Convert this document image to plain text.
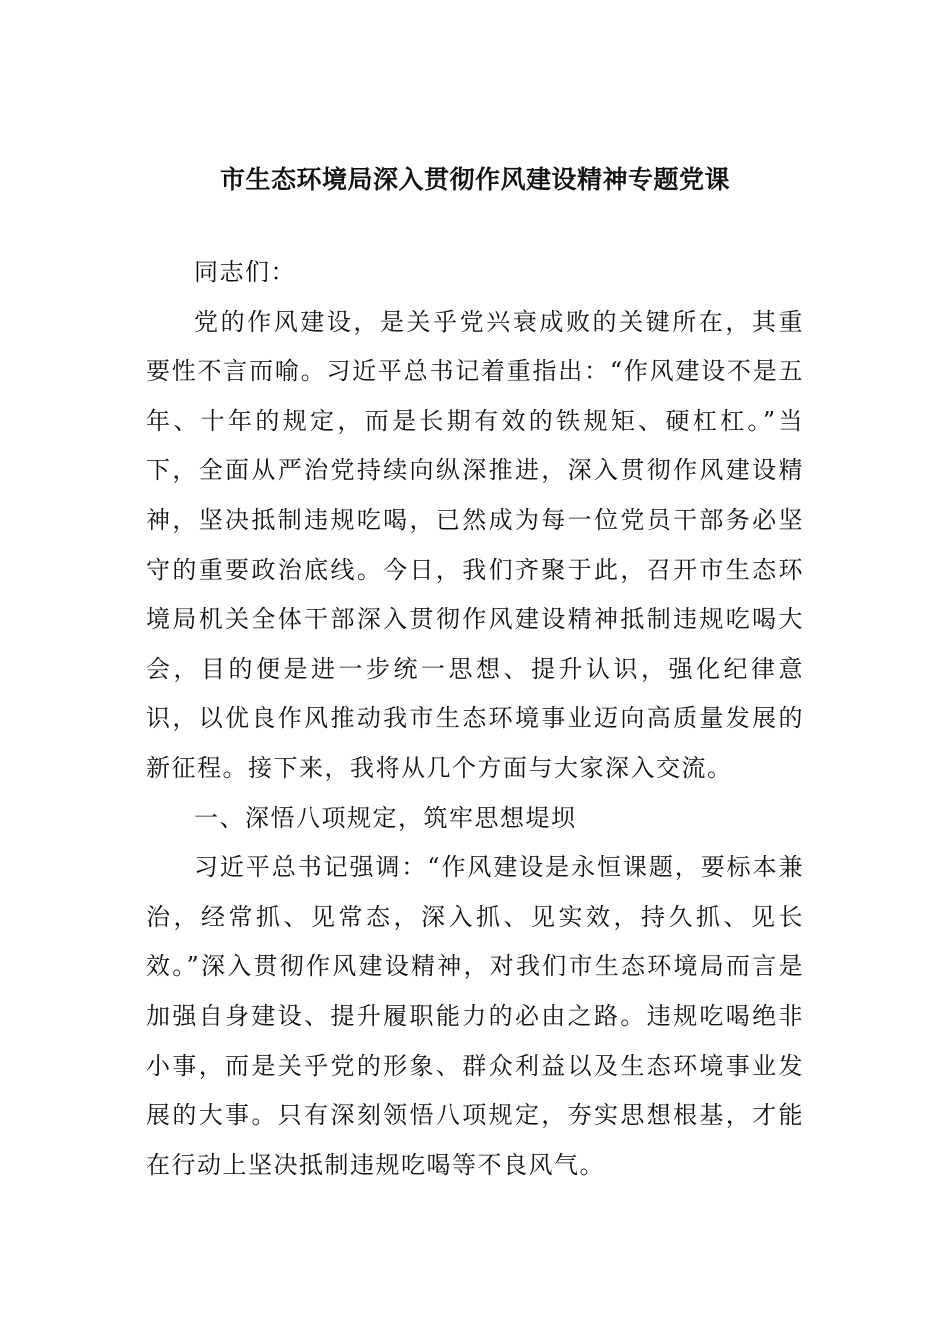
市生态环境局深入贯彻作风建设精神专题党课

同志们：

党的作风建设，是关乎党兴衰成败的关键所在，其重要性不言而喻。习近平总书记着重指出：“作风建设不是五年、十年的规定，而是长期有效的铁规矩、硬杠杠。”当下，全面从严治党持续向纵深推进，深入贯彻作风建设精神，坚决抵制违规吃喝，已然成为每一位党员干部务必坚守的重要政治底线。今日，我们齐聚于此，召开市生态环境局机关全体干部深入贯彻作风建设精神抵制违规吃喝大会，目的便是进一步统一思想、提升认识，强化纪律意识，以优良作风推动我市生态环境事业迈向高质量发展的新征程。接下来，我将从几个方面与大家深入交流。

一、深悟八项规定，筑牢思想堤坝

习近平总书记强调：“作风建设是永恒课题，要标本兼治，经常抓、见常态，深入抓、见实效，持久抓、见长效。”深入贯彻作风建设精神，对我们市生态环境局而言是加强自身建设、提升履职能力的必由之路。违规吃喝绝非小事，而是关乎党的形象、群众利益以及生态环境事业发展的大事。只有深刻领悟八项规定，夯实思想根基，才能在行动上坚决抵制违规吃喝等不良风气。
